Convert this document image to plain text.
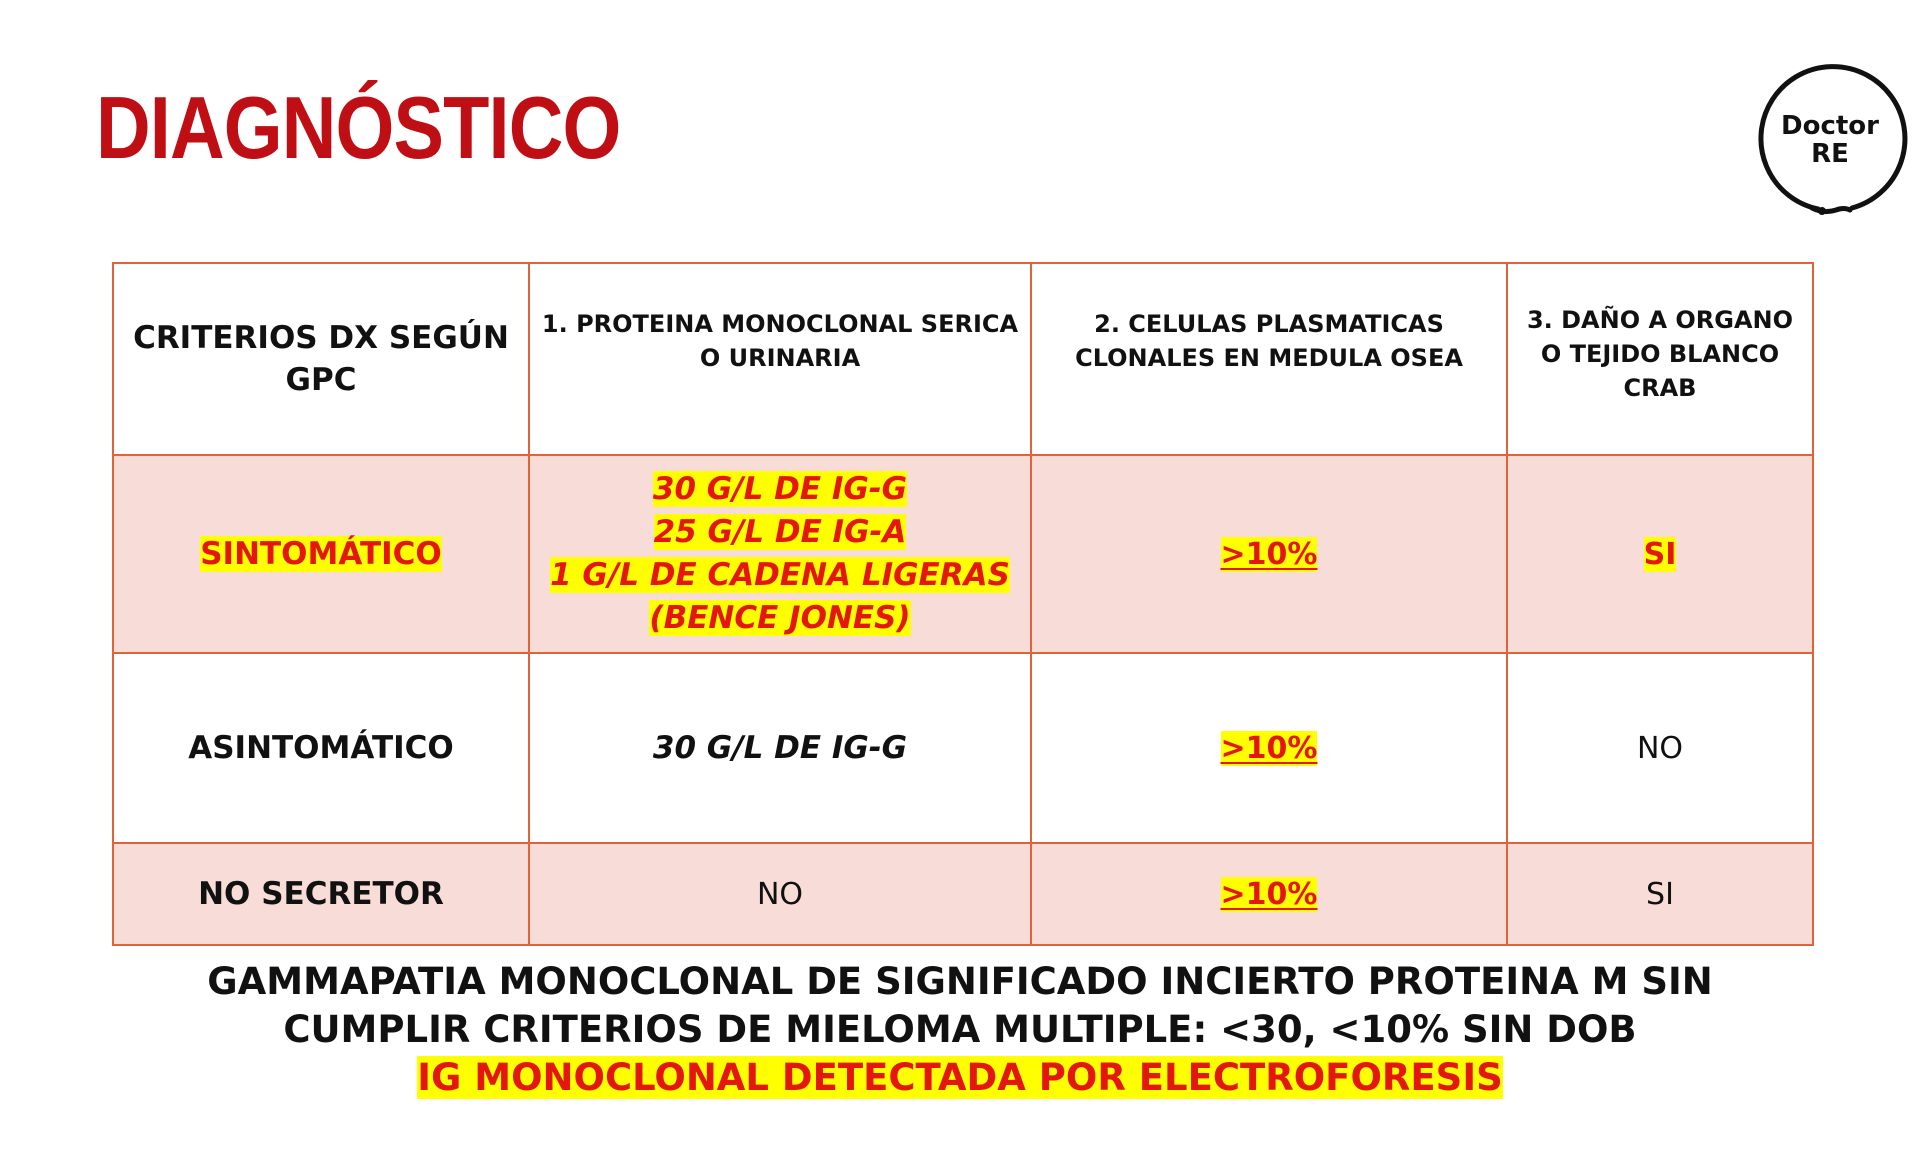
DIAGNÓSTICO	Doctor
RE
CRITERIOS DX SEGÚN GPC	1. PROTEINA MONOCLONAL SERICA O URINARIA	2. CELULAS PLASMATICAS CLONALES EN MEDULA OSEA	3. DAÑO A ORGANO O TEJIDO BLANCO CRAB
SINTOMÁTICO	30 G/L DE IG-G
25 G/L DE IG-A
1 G/L DE CADENA LIGERAS
(BENCE JONES)	>10%	SI
ASINTOMÁTICO	30 G/L DE IG-G	>10%	NO
NO SECRETOR	NO	>10%	SI
GAMMAPATIA MONOCLONAL DE SIGNIFICADO INCIERTO PROTEINA M SIN
CUMPLIR CRITERIOS DE MIELOMA MULTIPLE: <30, <10% SIN DOB
IG MONOCLONAL DETECTADA POR ELECTROFORESIS
